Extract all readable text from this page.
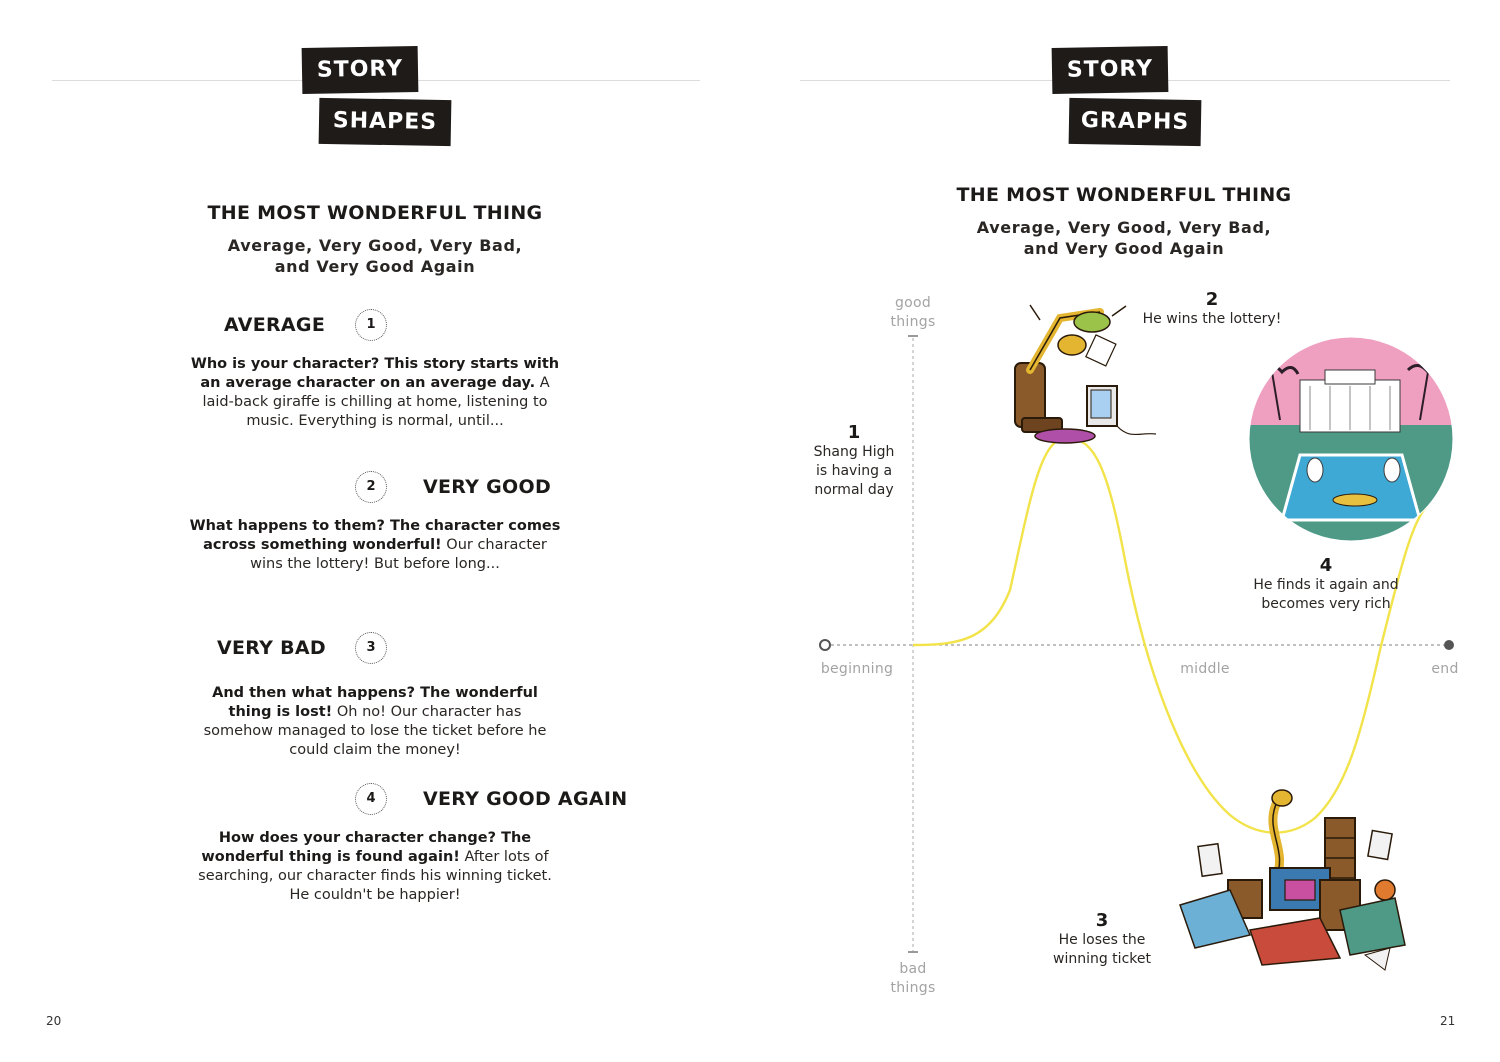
STORY
SHAPES
THE MOST WONDERFUL THING
Average, Very Good, Very Bad,
and Very Good Again
AVERAGE	1
Who is your character? This story starts with an average character on an average day. A laid-back giraffe is chilling at home, listening to music. Everything is normal, until...
2	VERY GOOD
What happens to them? The character comes across something wonderful! Our character wins the lottery! But before long...
VERY BAD	3
And then what happens? The wonderful thing is lost! Oh no! Our character has somehow managed to lose the ticket before he could claim the money!
4	VERY GOOD AGAIN
How does your character change? The wonderful thing is found again! After lots of searching, our character finds his winning ticket. He couldn't be happier!
20
STORY
GRAPHS
THE MOST WONDERFUL THING
Average, Very Good, Very Bad,
and Very Good Again
good
things
bad
things
beginning	middle	end
1
Shang High
is having a
normal day
2
He wins the lottery!
3
He loses the
winning ticket
4
He finds it again and
becomes very rich
21
